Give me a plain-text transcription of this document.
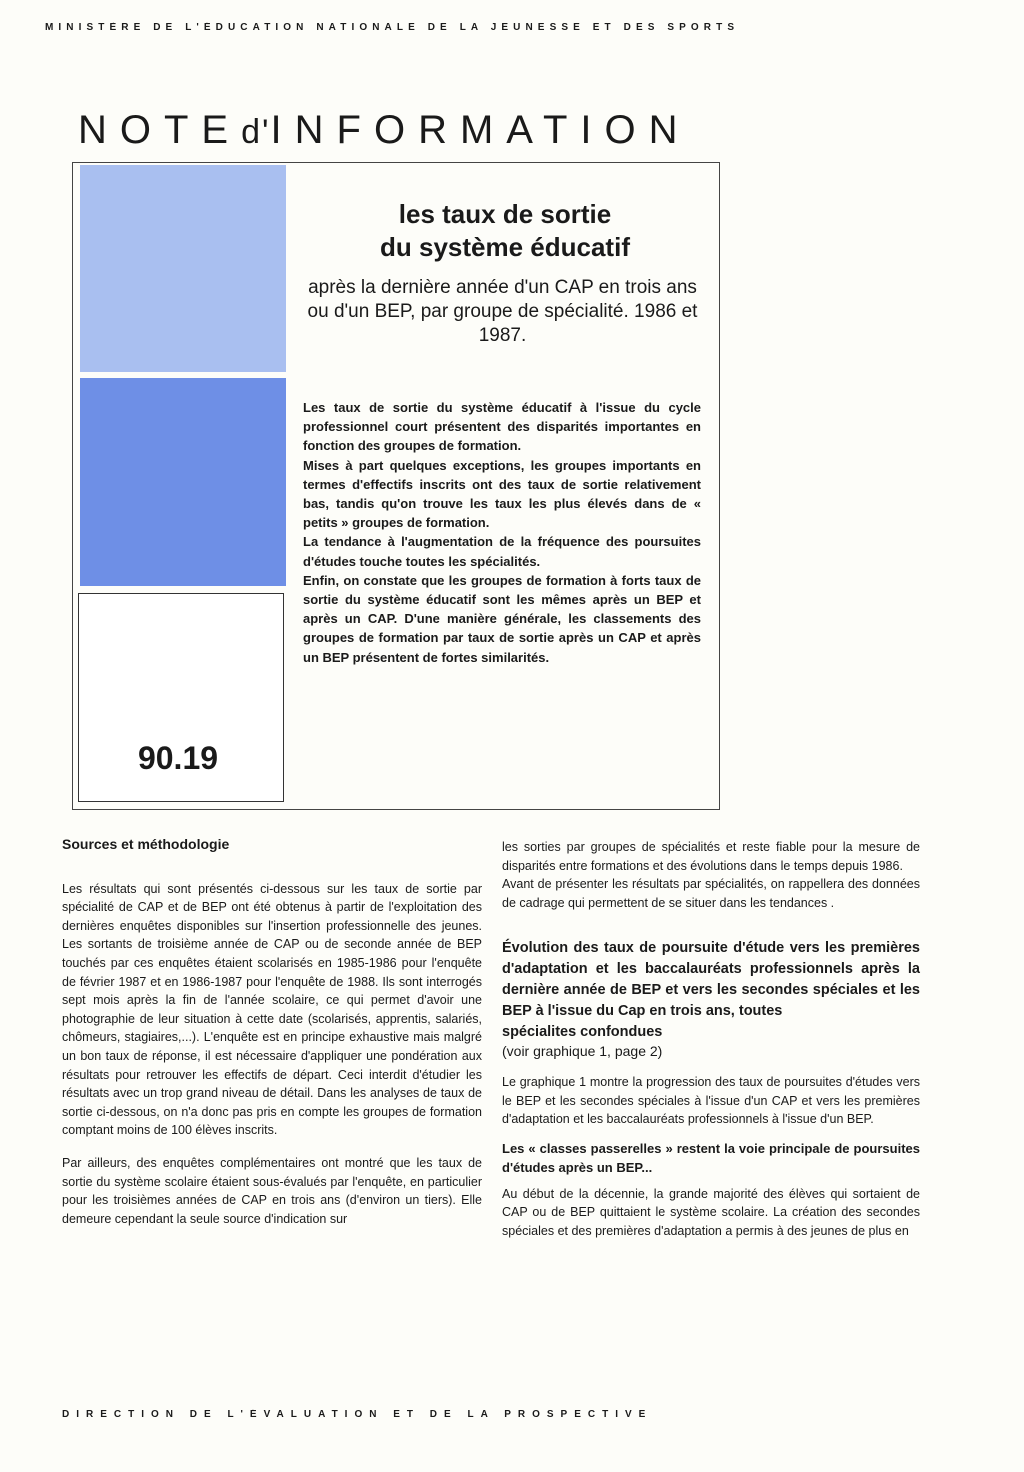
MINISTÈRE DE L'ÉDUCATION NATIONALE DE LA JEUNESSE ET DES SPORTS
NOTEd'INFORMATION
90.19
les taux de sortie
du système éducatif
après la dernière année d'un CAP en trois ans ou d'un BEP, par groupe de spécialité. 1986 et 1987.

Les taux de sortie du système éducatif à l'issue du cycle professionnel court présentent des disparités importantes en fonction des groupes de formation.

Mises à part quelques exceptions, les groupes importants en termes d'effectifs inscrits ont des taux de sortie relativement bas, tandis qu'on trouve les taux les plus élevés dans de « petits » groupes de formation.

La tendance à l'augmentation de la fréquence des poursuites d'études touche toutes les spécialités.

Enfin, on constate que les groupes de formation à forts taux de sortie du système éducatif sont les mêmes après un BEP et après un CAP. D'une manière générale, les classements des groupes de formation par taux de sortie après un CAP et après un BEP présentent de fortes similarités.

Sources et méthodologie

Les résultats qui sont présentés ci-dessous sur les taux de sortie par spécialité de CAP et de BEP ont été obtenus à partir de l'exploitation des dernières enquêtes disponibles sur l'insertion professionnelle des jeunes. Les sortants de troisième année de CAP ou de seconde année de BEP touchés par ces enquêtes étaient scolarisés en 1985-1986 pour l'enquête de février 1987 et en 1986-1987 pour l'enquête de 1988. Ils sont interrogés sept mois après la fin de l'année scolaire, ce qui permet d'avoir une photographie de leur situation à cette date (scolarisés, apprentis, salariés, chômeurs, stagiaires,...). L'enquête est en principe exhaustive mais malgré un bon taux de réponse, il est nécessaire d'appliquer une pondération aux résultats pour retrouver les effectifs de départ. Ceci interdit d'étudier les résultats avec un trop grand niveau de détail. Dans les analyses de taux de sortie ci-dessous, on n'a donc pas pris en compte les groupes de formation comptant moins de 100 élèves inscrits.

Par ailleurs, des enquêtes complémentaires ont montré que les taux de sortie du système scolaire étaient sous-évalués par l'enquête, en particulier pour les troisièmes années de CAP en trois ans (d'environ un tiers). Elle demeure cependant la seule source d'indication sur

les sorties par groupes de spécialités et reste fiable pour la mesure de disparités entre formations et des évolutions dans le temps depuis 1986.

Avant de présenter les résultats par spécialités, on rappellera des données de cadrage qui permettent de se situer dans les tendances .

Évolution des taux de poursuite d'étude vers les premières d'adaptation et les baccalauréats professionnels après la dernière année de BEP et vers les secondes spéciales et les BEP à l'issue du Cap en trois ans, toutes

spécialites confondues

(voir graphique 1, page 2)

Le graphique 1 montre la progression des taux de poursuites d'études vers le BEP et les secondes spéciales à l'issue d'un CAP et vers les premières d'adaptation et les baccalauréats professionnels à l'issue d'un BEP.

Les « classes passerelles » restent la voie principale de poursuites d'études après un BEP...

Au début de la décennie, la grande majorité des élèves qui sortaient de CAP ou de BEP quittaient le système scolaire. La création des secondes spéciales et des premières d'adaptation a permis à des jeunes de plus en

DIRECTION DE L'ÉVALUATION ET DE LA PROSPECTIVE
